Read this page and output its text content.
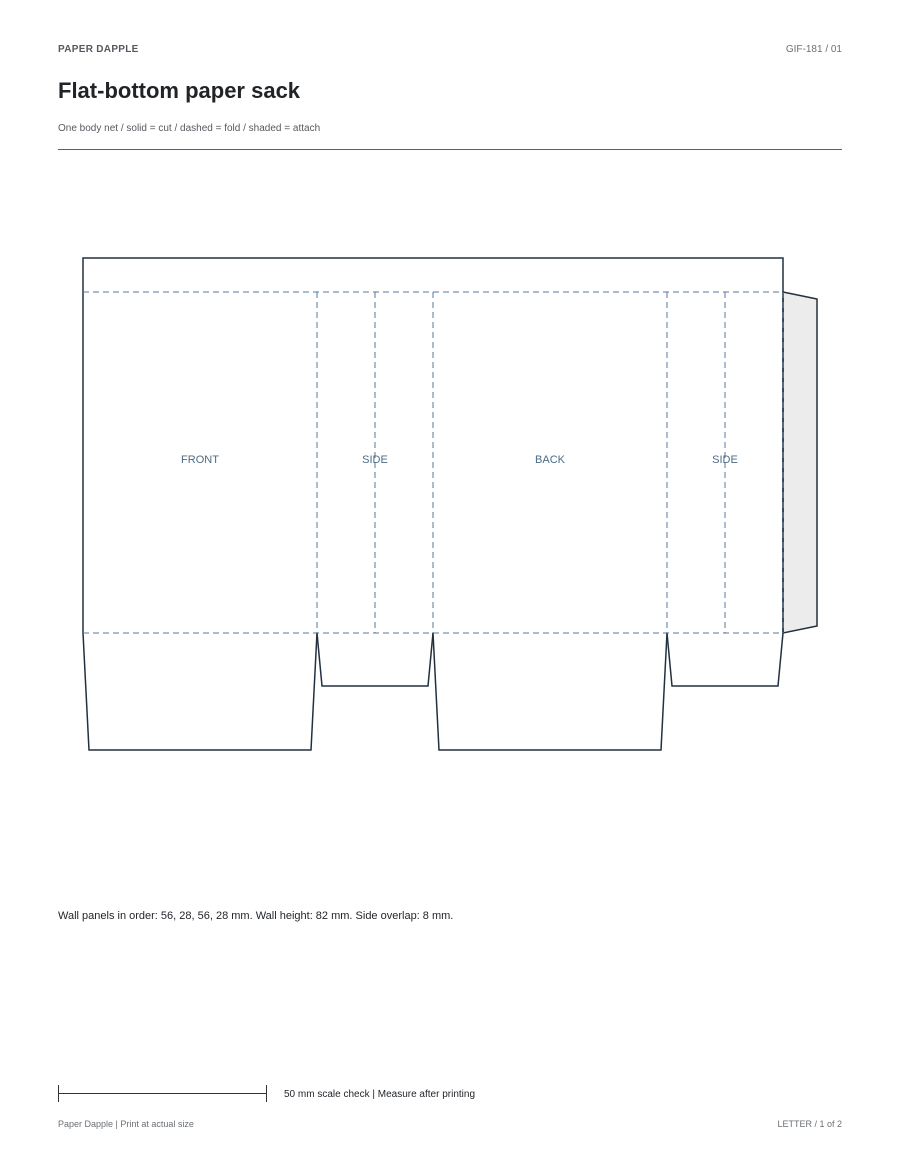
PAPER DAPPLE	GIF-181 / 01
Flat-bottom paper sack
One body net / solid = cut / dashed = fold / shaded = attach
FRONT	SIDE	BACK	SIDE
Wall panels in order: 56, 28, 56, 28 mm. Wall height: 82 mm. Side overlap: 8 mm.
50 mm scale check | Measure after printing
Paper Dapple | Print at actual size	LETTER / 1 of 2
